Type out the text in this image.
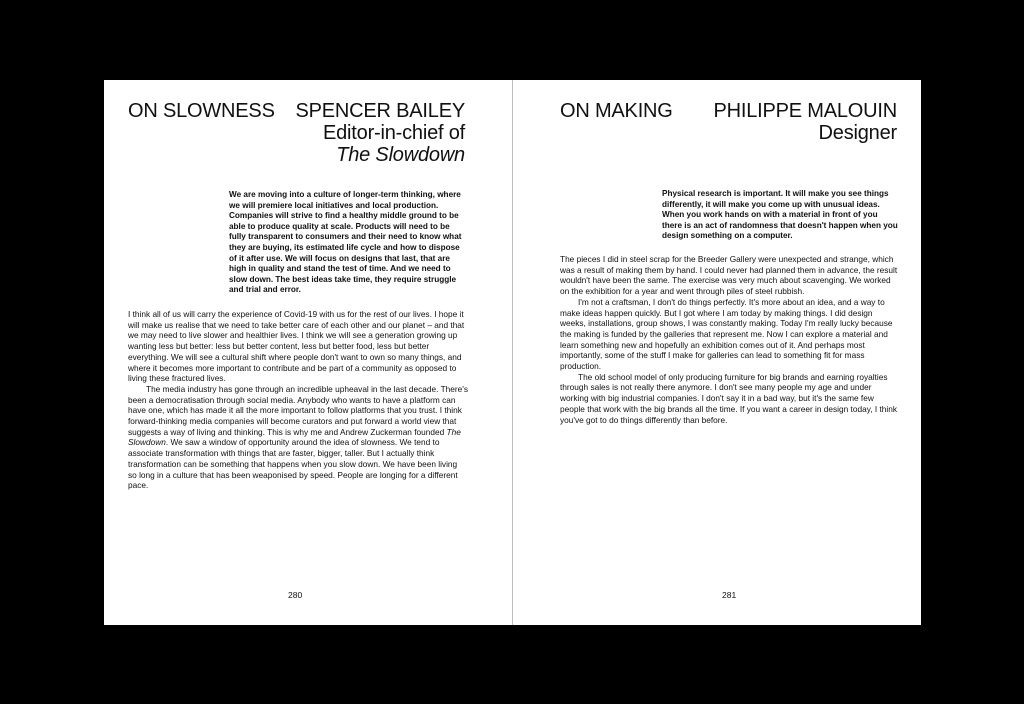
ON SLOWNESS SPENCER BAILEY
Editor-in-chief of
The Slowdown
We are moving into a culture of longer-term thinking, where we will premiere local initiatives and local production. Companies will strive to find a healthy middle ground to be able to produce quality at scale. Products will need to be fully transparent to consumers and their need to know what they are buying, its estimated life cycle and how to dispose of it after use. We will focus on designs that last, that are high in quality and stand the test of time. And we need to slow down. The best ideas take time, they require struggle and trial and error.

I think all of us will carry the experience of Covid-19 with us for the rest of our lives. I hope it will make us realise that we need to take better care of each other and our planet – and that we may need to live slower and healthier lives. I think we will see a generation growing up wanting less but better: less but better content, less but better food, less but better everything. We will see a cultural shift where people don't want to own so many things, and where it becomes more important to contribute and be part of a community as opposed to living these fractured lives.

The media industry has gone through an incredible upheaval in the last decade. There's been a democratisation through social media. Anybody who wants to have a platform can have one, which has made it all the more important to follow platforms that you trust. I think forward-thinking media companies will become curators and put forward a world view that suggests a way of living and thinking. This is why me and Andrew Zuckerman founded The Slowdown. We saw a window of opportunity around the idea of slowness. We tend to associate transformation with things that are faster, bigger, taller. But I actually think transformation can be something that happens when you slow down. We have been living so long in a culture that has been weaponised by speed. People are longing for a different pace.

280
ON MAKING PHILIPPE MALOUIN
Designer
Physical research is important. It will make you see things differently, it will make you come up with unusual ideas. When you work hands on with a material in front of you there is an act of randomness that doesn't happen when you design something on a computer.

The pieces I did in steel scrap for the Breeder Gallery were unexpected and strange, which was a result of making them by hand. I could never had planned them in advance, the result wouldn't have been the same. The exercise was very much about scavenging. We worked on the exhibition for a year and went through piles of steel rubbish.

I'm not a craftsman, I don't do things perfectly. It's more about an idea, and a way to make ideas happen quickly. But I got where I am today by making things. I did design weeks, installations, group shows, I was constantly making. Today I'm really lucky because the making is funded by the galleries that represent me. Now I can explore a material and learn something new and hopefully an exhibition comes out of it. And perhaps most importantly, some of the stuff I make for galleries can lead to something fit for mass production.

The old school model of only producing furniture for big brands and earning royalties through sales is not really there anymore. I don't see many people my age and under working with big industrial companies. I don't say it in a bad way, but it's the same few people that work with the big brands all the time. If you want a career in design today, I think you've got to do things differently than before.

281
